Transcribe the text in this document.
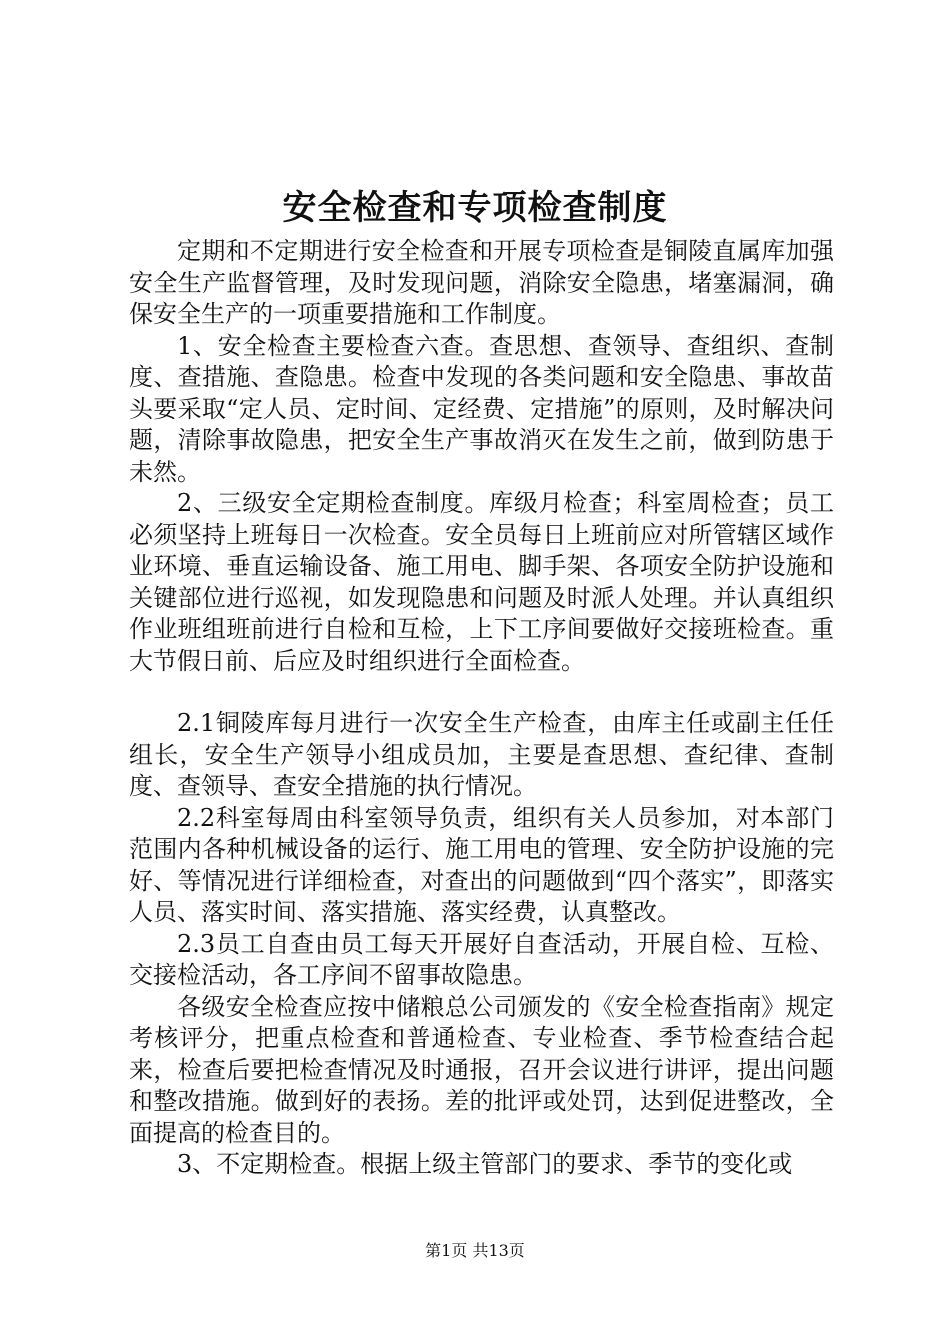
安全检查和专项检查制度

定期和不定期进行安全检查和开展专项检查是铜陵直属库加强安全生产监督管理，及时发现问题，消除安全隐患，堵塞漏洞，确保安全生产的一项重要措施和工作制度。

1、安全检查主要检查六查。查思想、查领导、查组织、查制度、查措施、查隐患。检查中发现的各类问题和安全隐患、事故苗头要采取“定人员、定时间、定经费、定措施”的原则，及时解决问题，清除事故隐患，把安全生产事故消灭在发生之前，做到防患于未然。

2、三级安全定期检查制度。库级月检查；科室周检查；员工必须坚持上班每日一次检查。安全员每日上班前应对所管辖区域作业环境、垂直运输设备、施工用电、脚手架、各项安全防护设施和关键部位进行巡视，如发现隐患和问题及时派人处理。并认真组织作业班组班前进行自检和互检，上下工序间要做好交接班检查。重大节假日前、后应及时组织进行全面检查。

2.1铜陵库每月进行一次安全生产检查，由库主任或副主任任组长，安全生产领导小组成员加，主要是查思想、查纪律、查制度、查领导、查安全措施的执行情况。

2.2科室每周由科室领导负责，组织有关人员参加，对本部门范围内各种机械设备的运行、施工用电的管理、安全防护设施的完好、等情况进行详细检查，对查出的问题做到“四个落实”，即落实人员、落实时间、落实措施、落实经费，认真整改。

2.3员工自查由员工每天开展好自查活动，开展自检、互检、交接检活动，各工序间不留事故隐患。

各级安全检查应按中储粮总公司颁发的《安全检查指南》规定考核评分，把重点检查和普通检查、专业检查、季节检查结合起来，检查后要把检查情况及时通报，召开会议进行讲评，提出问题和整改措施。做到好的表扬。差的批评或处罚，达到促进整改，全面提高的检查目的。

3、不定期检查。根据上级主管部门的要求、季节的变化或

第1页 共13页
